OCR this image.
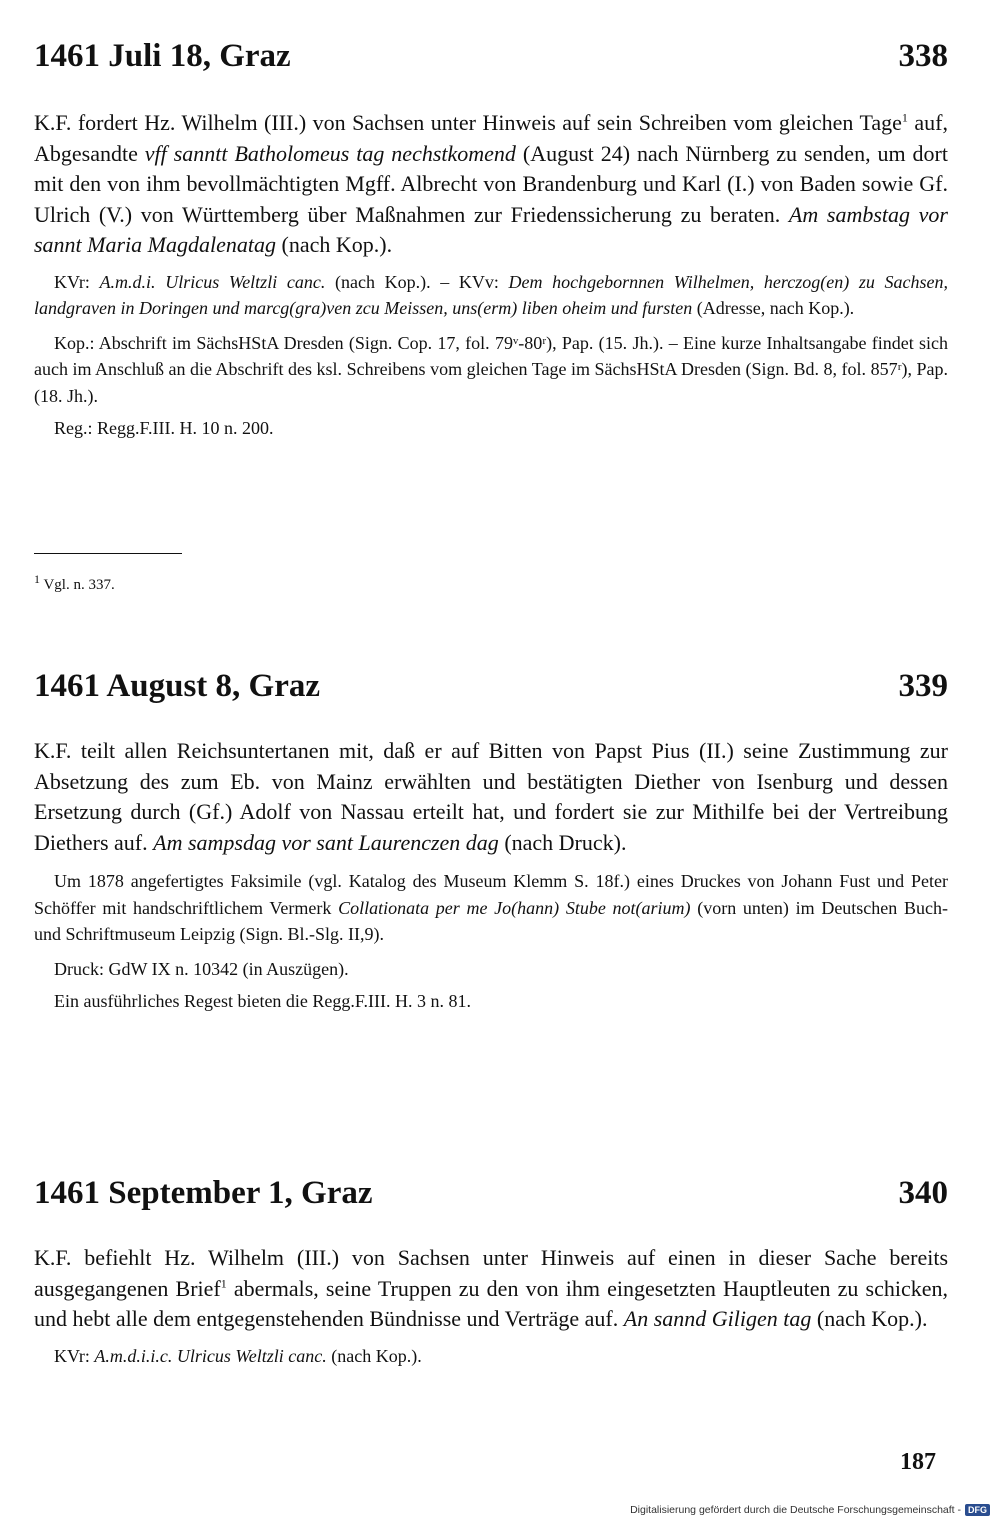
1461 Juli 18, Graz	338

K.F. fordert Hz. Wilhelm (III.) von Sachsen unter Hinweis auf sein Schreiben vom gleichen Tage$^1$ auf, Abgesandte vff sanntt Batholomeus tag nechstkomend (August 24) nach Nürnberg zu senden, um dort mit den von ihm bevollmächtigten Mgff. Albrecht von Brandenburg und Karl (I.) von Baden sowie Gf. Ulrich (V.) von Württemberg über Maßnahmen zur Friedenssicherung zu beraten. Am sambstag vor sannt Maria Magdalenatag (nach Kop.).

KVr: A.m.d.i. Ulricus Weltzli canc. (nach Kop.). – KVv: Dem hochgebornnen Wilhelmen, herczog(en) zu Sachsen, landgraven in Doringen und marcg(gra)ven zcu Meissen, uns(erm) liben oheim und fursten (Adresse, nach Kop.).

Kop.: Abschrift im SächsHStA Dresden (Sign. Cop. 17, fol. 79ᵛ-80ʳ), Pap. (15. Jh.). – Eine kurze Inhaltsangabe findet sich auch im Anschluß an die Abschrift des ksl. Schreibens vom gleichen Tage im SächsHStA Dresden (Sign. Bd. 8, fol. 857ʳ), Pap. (18. Jh.).

Reg.: Regg.F.III. H. 10 n. 200.

$^1$ Vgl. n. 337.
1461 August 8, Graz	339

K.F. teilt allen Reichsuntertanen mit, daß er auf Bitten von Papst Pius (II.) seine Zustimmung zur Absetzung des zum Eb. von Mainz erwählten und bestätigten Diether von Isenburg und dessen Ersetzung durch (Gf.) Adolf von Nassau erteilt hat, und fordert sie zur Mithilfe bei der Vertreibung Diethers auf. Am sampsdag vor sant Laurenczen dag (nach Druck).

Um 1878 angefertigtes Faksimile (vgl. Katalog des Museum Klemm S. 18f.) eines Druckes von Johann Fust und Peter Schöffer mit handschriftlichem Vermerk Collationata per me Jo(hann) Stube not(arium) (vorn unten) im Deutschen Buch- und Schriftmuseum Leipzig (Sign. Bl.-Slg. II,9).

Druck: GdW IX n. 10342 (in Auszügen).

Ein ausführliches Regest bieten die Regg.F.III. H. 3 n. 81.

1461 September 1, Graz	340

K.F. befiehlt Hz. Wilhelm (III.) von Sachsen unter Hinweis auf einen in dieser Sache bereits ausgegangenen Brief$^1$ abermals, seine Truppen zu den von ihm eingesetzten Hauptleuten zu schicken, und hebt alle dem entgegenstehenden Bündnisse und Verträge auf. An sannd Giligen tag (nach Kop.).

KVr: A.m.d.i.i.c. Ulricus Weltzli canc. (nach Kop.).

187
Digitalisierung gefördert durch die Deutsche Forschungsgemeinschaft - DFG
